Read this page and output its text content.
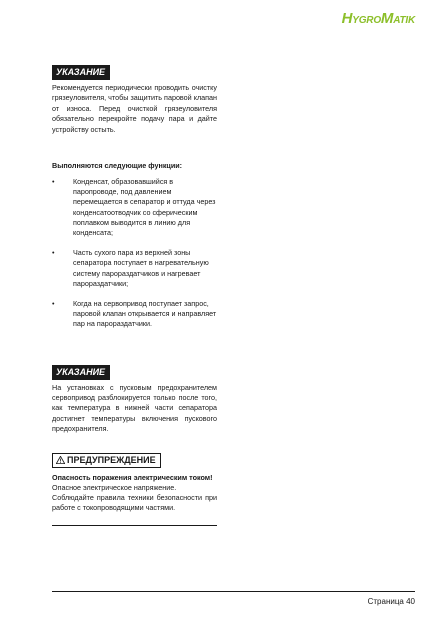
HYGROMATIK
УКАЗАНИЕ
Рекомендуется периодически проводить очистку грязеуловителя, чтобы защитить паровой клапан от износа. Перед очисткой грязеуловителя обязательно перекройте подачу пара и дайте устройству остыть.
Выполняются следующие функции:
•	Конденсат, образовавшийся в паропроводе, под давлением перемещается в сепаратор и оттуда через конденсатоотводчик со сферическим поплавком выводится в линию для конденсата;
•	Часть сухого пара из верхней зоны сепаратора поступает в нагревательную систему парораздатчиков и нагревает парораздатчики;
•	Когда на сервопривод поступает запрос, паровой клапан открывается и направляет пар на парораздатчики.
УКАЗАНИЕ
На установках с пусковым предохранителем сервопривод разблокируется только после того, как температура в нижней части сепаратора достигнет температуры включения пускового предохранителя.
ПРЕДУПРЕЖДЕНИЕ
Опасность поражения электрическим током!
Опасное электрическое напряжение.
Соблюдайте правила техники безопасности при работе с токопроводящими частями.
Страница 40
